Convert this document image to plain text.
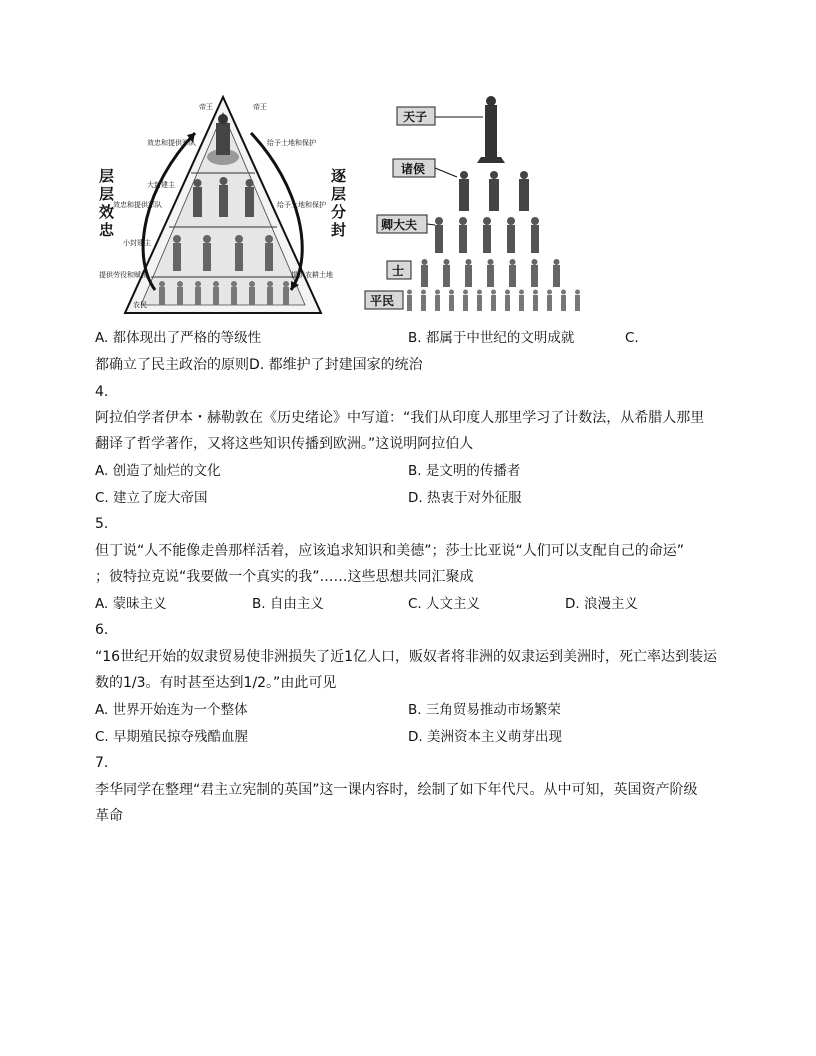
层
层
效
忠
逐
层
分
封
帝王	帝王
大封建主
小封建主
农民
效忠和提供军队
效忠和提供军队
提供劳役和赋税
给予土地和保护
给予土地和保护
提供农耕土地
天子
诸侯
卿大夫
士
平民
A. 都体现出了严格的等级性	B. 都属于中世纪的文明成就	C.
都确立了民主政治的原则D. 都维护了封建国家的统治
4.
阿拉伯学者伊本・赫勒敦在《历史绪论》中写道：“我们从印度人那里学习了计数法，从希腊人那里
翻译了哲学著作，又将这些知识传播到欧洲。”这说明阿拉伯人
A. 创造了灿烂的文化	B. 是文明的传播者
C. 建立了庞大帝国	D. 热衷于对外征服
5.
但丁说“人不能像走兽那样活着，应该追求知识和美德”；莎士比亚说“人们可以支配自己的命运”
；彼特拉克说“我要做一个真实的我”……这些思想共同汇聚成
A. 蒙昧主义	B. 自由主义	C. 人文主义	D. 浪漫主义
6.
“16世纪开始的奴隶贸易使非洲损失了近1亿人口，贩奴者将非洲的奴隶运到美洲时，死亡率达到装运
数的1/3。有时甚至达到1/2。”由此可见
A. 世界开始连为一个整体	B. 三角贸易推动市场繁荣
C. 早期殖民掠夺残酷血腥	D. 美洲资本主义萌芽出现
7.
李华同学在整理“君主立宪制的英国”这一课内容时，绘制了如下年代尺。从中可知，英国资产阶级
革命
